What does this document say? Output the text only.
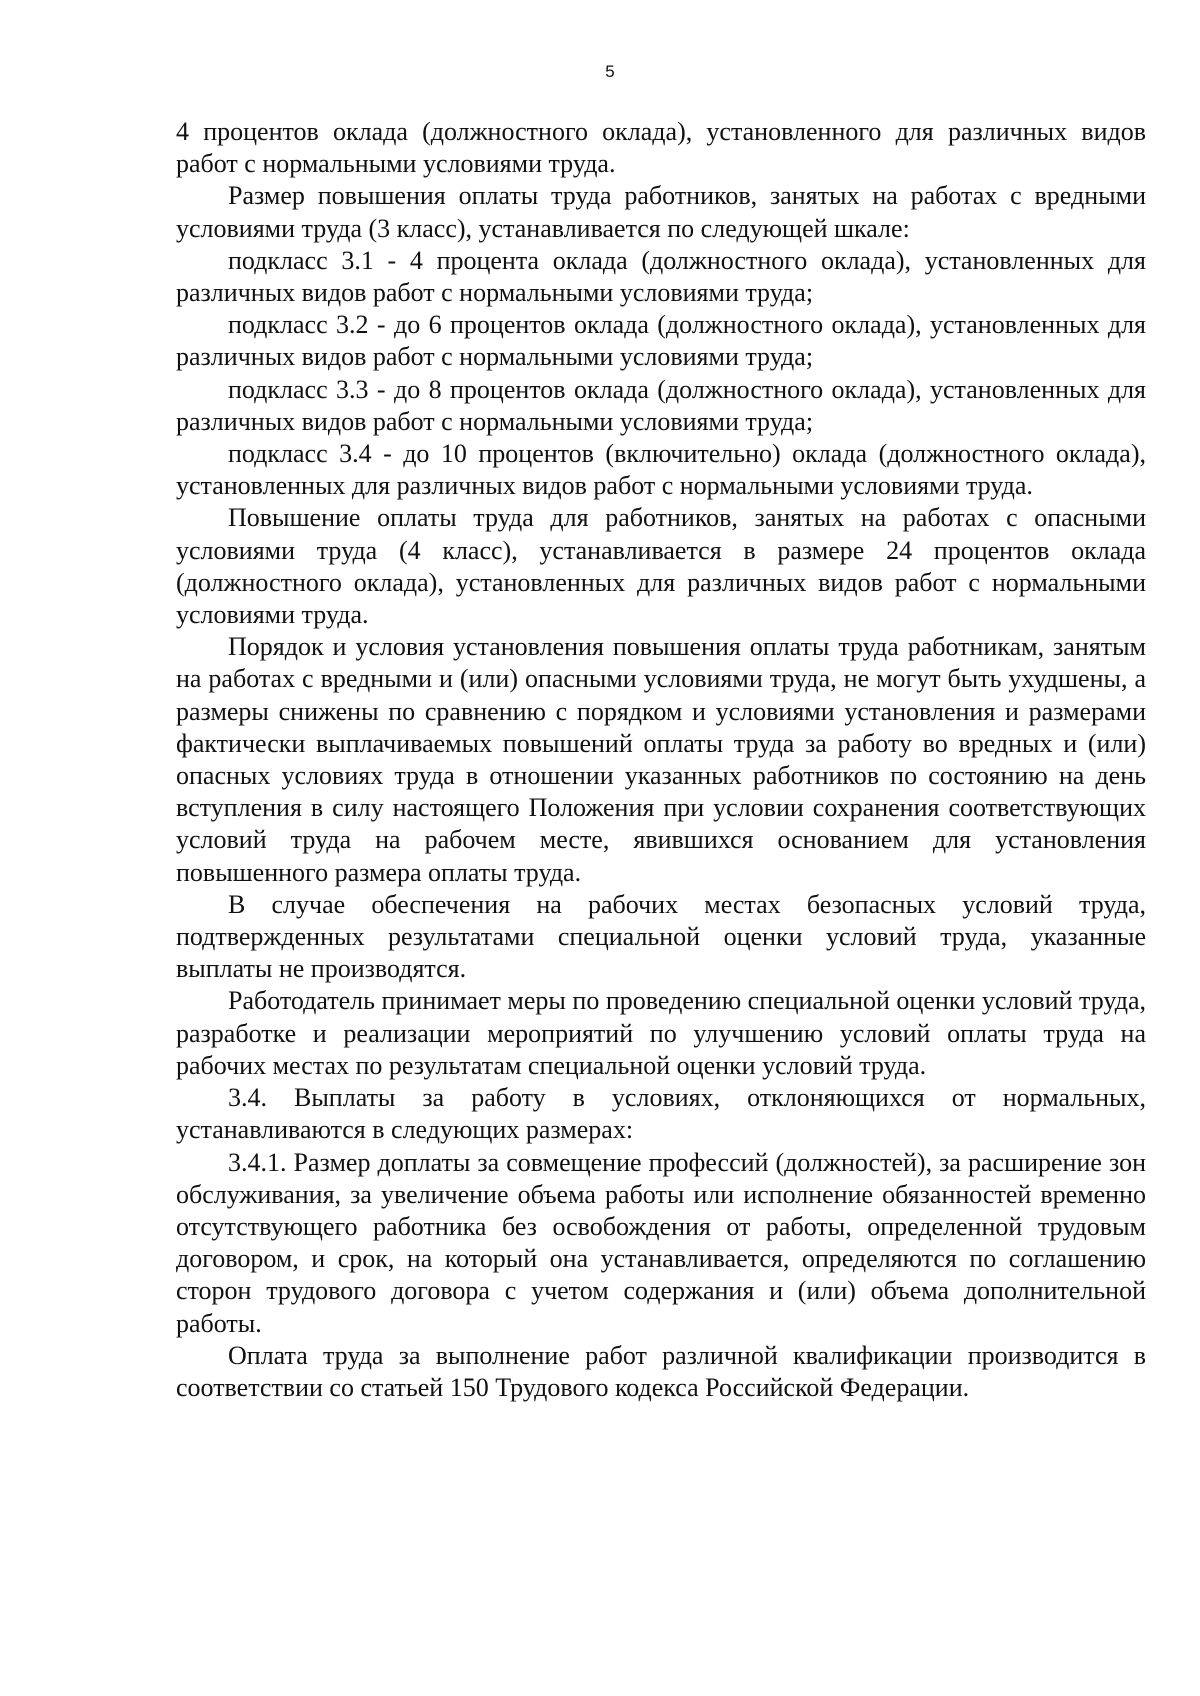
5

4 процентов оклада (должностного оклада), установленного для различных видов работ с нормальными условиями труда.

Размер повышения оплаты труда работников, занятых на работах с вредными условиями труда (3 класс), устанавливается по следующей шкале:

подкласс 3.1 - 4 процента оклада (должностного оклада), установленных для различных видов работ с нормальными условиями труда;

подкласс 3.2 - до 6 процентов оклада (должностного оклада), установленных для различных видов работ с нормальными условиями труда;

подкласс 3.3 - до 8 процентов оклада (должностного оклада), установленных для различных видов работ с нормальными условиями труда;

подкласс 3.4 - до 10 процентов (включительно) оклада (должностного оклада), установленных для различных видов работ с нормальными условиями труда.

Повышение оплаты труда для работников, занятых на работах с опасными условиями труда (4 класс), устанавливается в размере 24 процентов оклада (должностного оклада), установленных для различных видов работ с нормальными условиями труда.

Порядок и условия установления повышения оплаты труда работникам, занятым на работах с вредными и (или) опасными условиями труда, не могут быть ухудшены, а размеры снижены по сравнению с порядком и условиями установления и размерами фактически выплачиваемых повышений оплаты труда за работу во вредных и (или) опасных условиях труда в отношении указанных работников по состоянию на день вступления в силу настоящего Положения при условии сохранения соответствующих условий труда на рабочем месте, явившихся основанием для установления повышенного размера оплаты труда.

В случае обеспечения на рабочих местах безопасных условий труда, подтвержденных результатами специальной оценки условий труда, указанные выплаты не производятся.

Работодатель принимает меры по проведению специальной оценки условий труда, разработке и реализации мероприятий по улучшению условий оплаты труда на рабочих местах по результатам специальной оценки условий труда.

3.4. Выплаты за работу в условиях, отклоняющихся от нормальных, устанавливаются в следующих размерах:

3.4.1. Размер доплаты за совмещение профессий (должностей), за расширение зон обслуживания, за увеличение объема работы или исполнение обязанностей временно отсутствующего работника без освобождения от работы, определенной трудовым договором, и срок, на который она устанавливается, определяются по соглашению сторон трудового договора с учетом содержания и (или) объема дополнительной работы.

Оплата труда за выполнение работ различной квалификации производится в соответствии со статьей 150 Трудового кодекса Российской Федерации.
